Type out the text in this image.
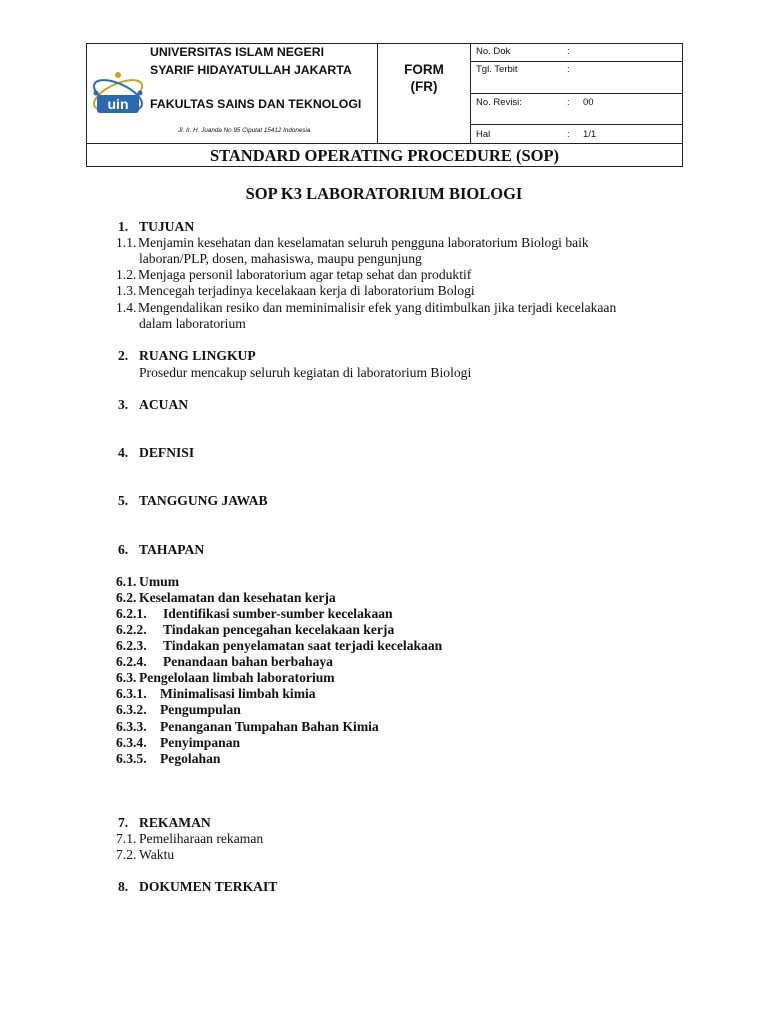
uin
UNIVERSITAS ISLAM NEGERI
SYARIF HIDAYATULLAH JAKARTA
FAKULTAS SAINS DAN TEKNOLOGI
Jl. Ir. H. Juanda No 95 Ciputat 15412 Indonesia
FORM
(FR)
No. Dok	:
Tgl. Terbit	:
No. Revisi:	: 00
Hal	: 1/1
STANDARD OPERATING PROCEDURE (SOP)
SOP K3 LABORATORIUM BIOLOGI
1. TUJUAN
1.1. Menjamin kesehatan dan keselamatan seluruh pengguna laboratorium Biologi baik
laboran/PLP, dosen, mahasiswa, maupu pengunjung
1.2. Menjaga personil laboratorium agar tetap sehat dan produktif
1.3. Mencegah terjadinya kecelakaan kerja di laboratorium Bologi
1.4. Mengendalikan resiko dan meminimalisir efek yang ditimbulkan jika terjadi kecelakaan
dalam laboratorium
2. RUANG LINGKUP
Prosedur mencakup seluruh kegiatan di laboratorium Biologi
3. ACUAN
4. DEFNISI
5. TANGGUNG JAWAB
6. TAHAPAN
6.1. Umum
6.2. Keselamatan dan kesehatan kerja
6.2.1. Identifikasi sumber-sumber kecelakaan
6.2.2. Tindakan pencegahan kecelakaan kerja
6.2.3. Tindakan penyelamatan saat terjadi kecelakaan
6.2.4. Penandaan bahan berbahaya
6.3. Pengelolaan limbah laboratorium
6.3.1. Minimalisasi limbah kimia
6.3.2. Pengumpulan
6.3.3. Penanganan Tumpahan Bahan Kimia
6.3.4. Penyimpanan
6.3.5. Pegolahan
7. REKAMAN
7.1. Pemeliharaan rekaman
7.2. Waktu
8. DOKUMEN TERKAIT
